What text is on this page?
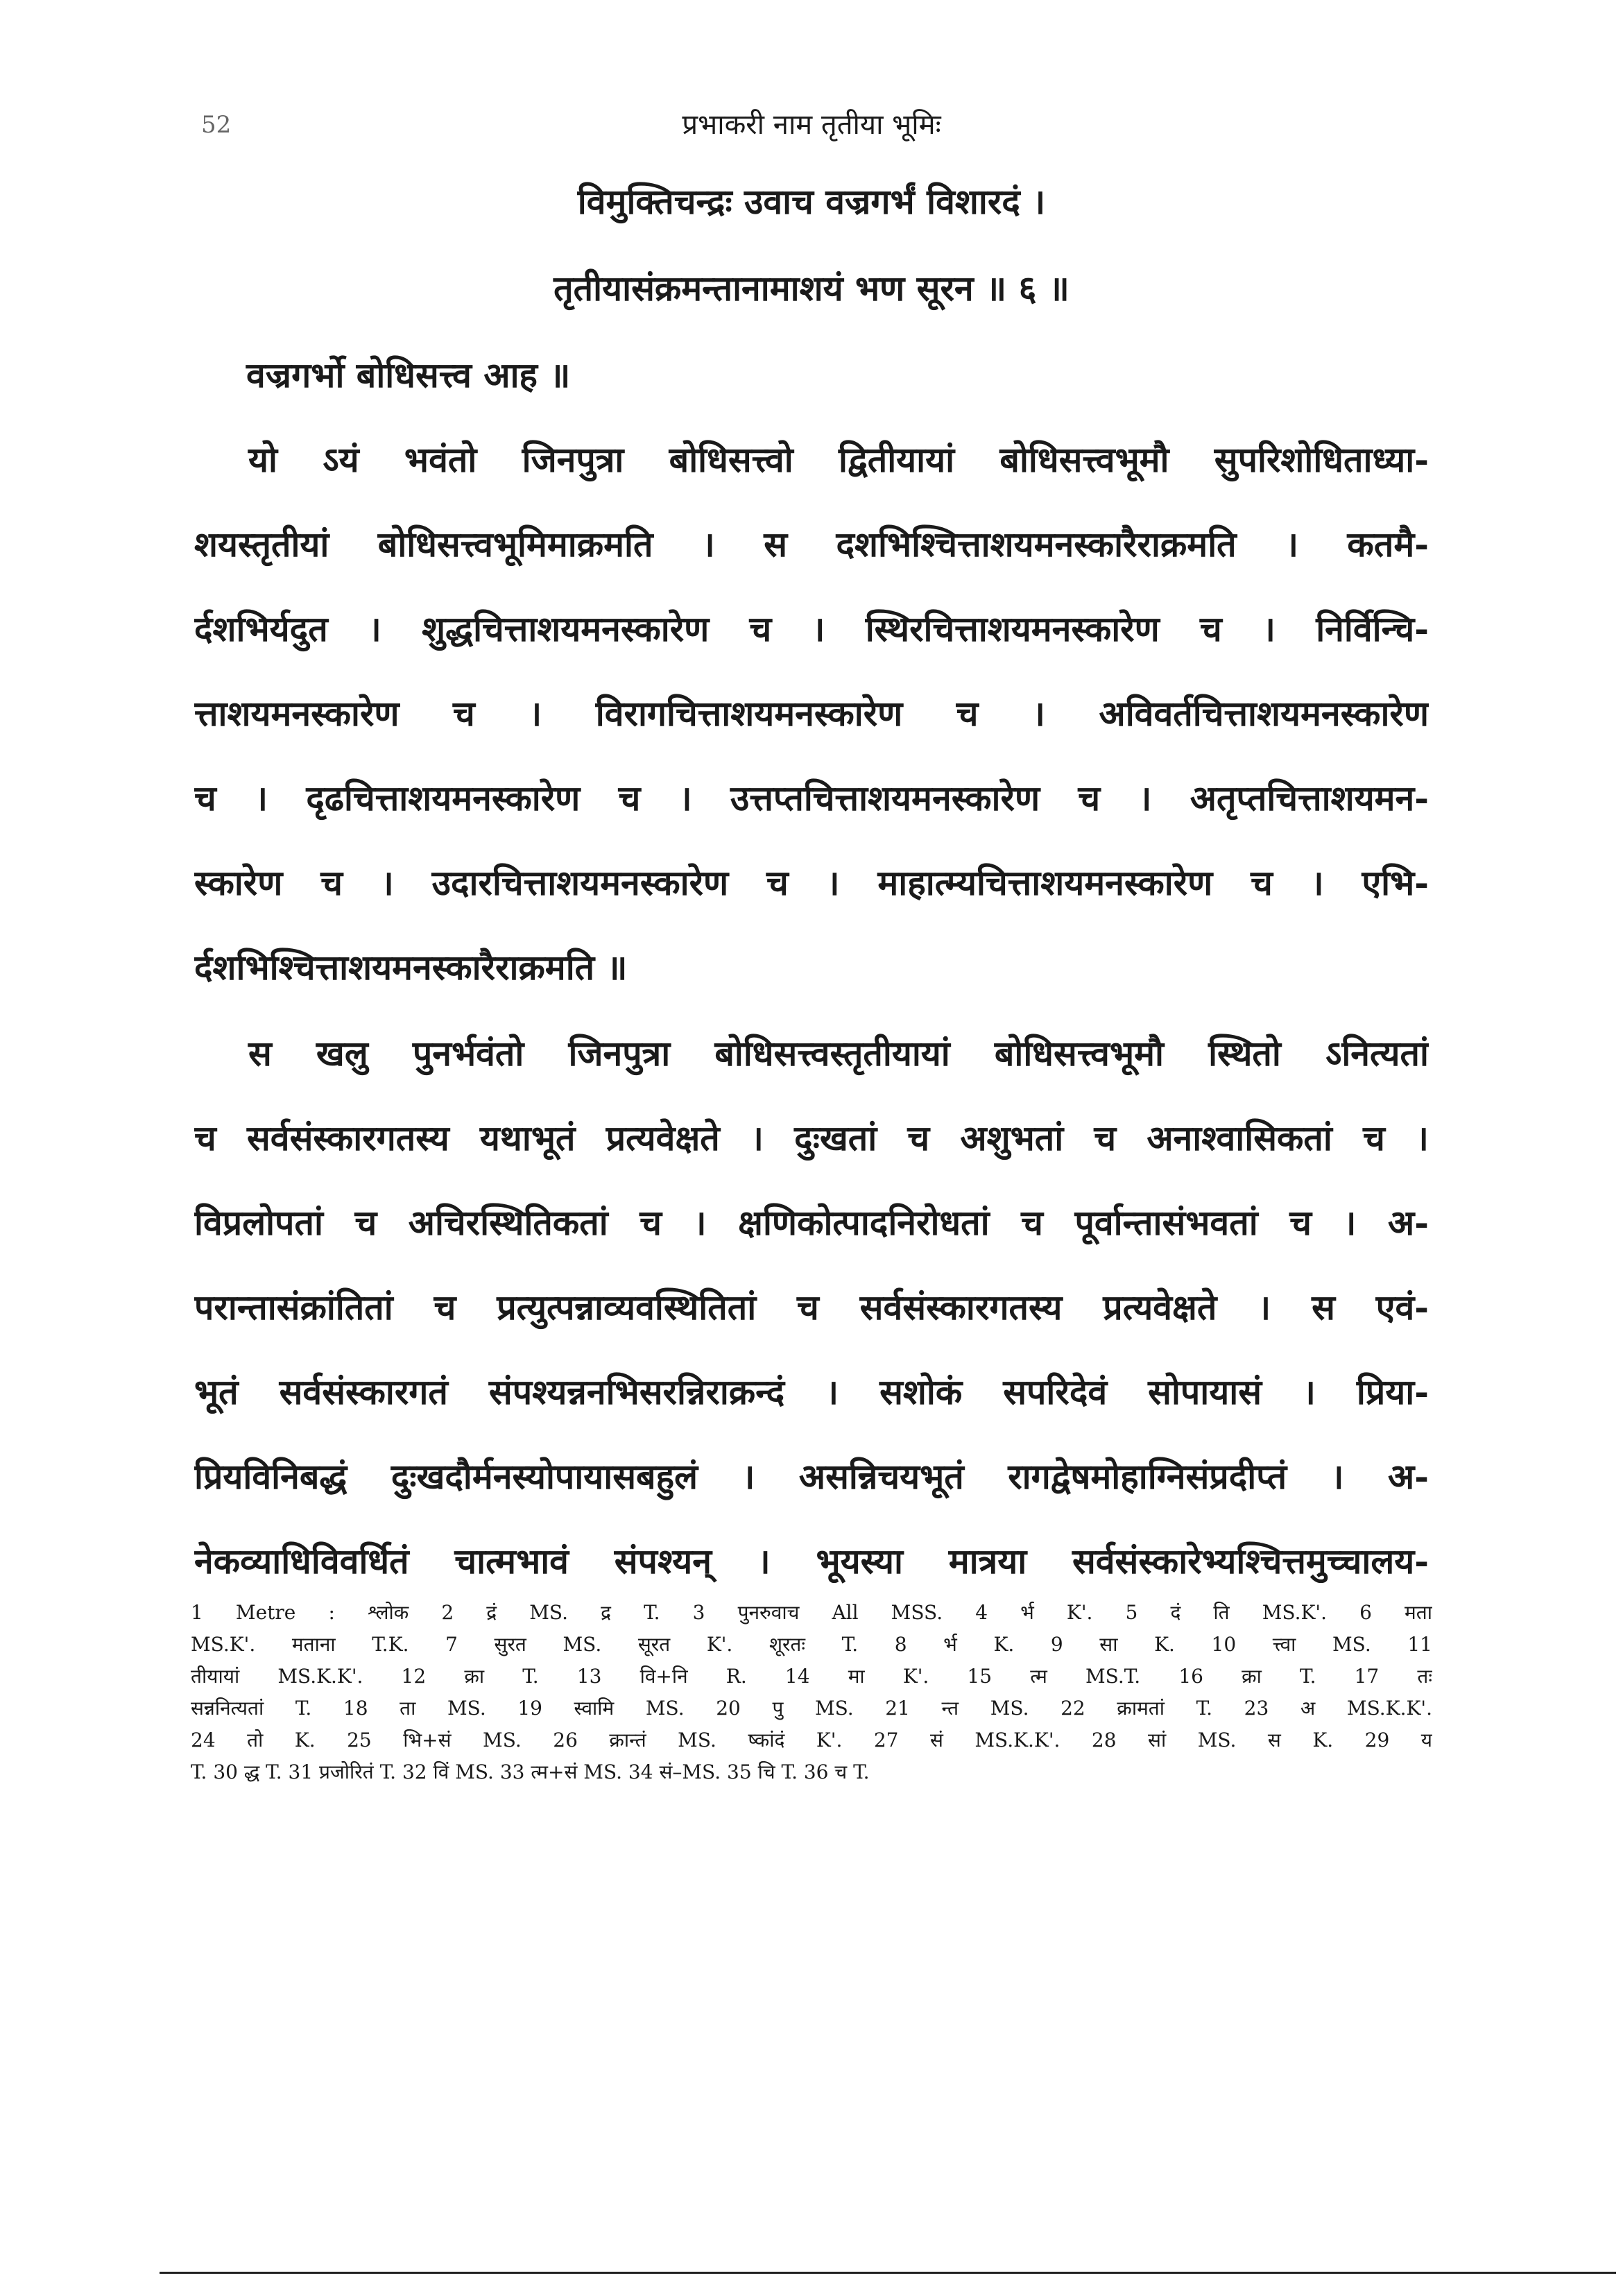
52	प्रभाकरी नाम तृतीया भूमिः
विमुक्तिचन्द्रः उवाच वज्रगर्भं विशारदं ।
तृतीयासंक्रमन्तानामाशयं भण सूरन ॥ ६ ॥
वज्रगर्भो बोधिसत्त्व आह ॥
यो ऽयं भवंतो जिनपुत्रा बोधिसत्त्वो द्वितीयायां बोधिसत्त्वभूमौ सुपरिशोधिताध्या-
शयस्तृतीयां बोधिसत्त्वभूमिमाक्रमति । स दशभिश्चित्ताशयमनस्कारैराक्रमति । कतमै-
र्दशभिर्यदुत । शुद्धचित्ताशयमनस्कारेण च । स्थिरचित्ताशयमनस्कारेण च । निर्विन्चि-
त्ताशयमनस्कारेण च । विरागचित्ताशयमनस्कारेण च । अविवर्तचित्ताशयमनस्कारेण
च । दृढचित्ताशयमनस्कारेण च । उत्तप्तचित्ताशयमनस्कारेण च । अतृप्तचित्ताशयमन-
स्कारेण च । उदारचित्ताशयमनस्कारेण च । माहात्म्यचित्ताशयमनस्कारेण च । एभि-
र्दशभिश्चित्ताशयमनस्कारैराक्रमति ॥
स खलु पुनर्भवंतो जिनपुत्रा बोधिसत्त्वस्तृतीयायां बोधिसत्त्वभूमौ स्थितो ऽनित्यतां
च सर्वसंस्कारगतस्य यथाभूतं प्रत्यवेक्षते । दुःखतां च अशुभतां च अनाश्वासिकतां च ।
विप्रलोपतां च अचिरस्थितिकतां च । क्षणिकोत्पादनिरोधतां च पूर्वान्तासंभवतां च । अ-
परान्तासंक्रांतितां च प्रत्युत्पन्नाव्यवस्थितितां च सर्वसंस्कारगतस्य प्रत्यवेक्षते । स एवं-
भूतं सर्वसंस्कारगतं संपश्यन्ननभिसरन्निराक्रन्दं । सशोकं सपरिदेवं सोपायासं । प्रिया-
प्रियविनिबद्धं दुःखदौर्मनस्योपायासबहुलं । असन्निचयभूतं रागद्वेषमोहाग्निसंप्रदीप्तं । अ-
नेकव्याधिविवर्धितं चात्मभावं संपश्यन् । भूयस्या मात्रया सर्वसंस्कारेभ्यश्चित्तमुच्चालय-
1 Metre : श्लोक 2 द्रं MS. द्र T. 3 पुनरुवाच All MSS. 4 र्भ K'. 5 दं ति MS.K'. 6 मता
MS.K'. मताना T.K. 7 सुरत MS. सूरत K'. शूरतः T. 8 र्भ K. 9 सा K. 10 त्त्वा MS. 11
तीयायां MS.K.K'. 12 क्रा T. 13 वि+नि R. 14 मा K'. 15 त्म MS.T. 16 क्रा T. 17 तः
सन्ननित्यतां T. 18 ता MS. 19 स्वामि MS. 20 पु MS. 21 न्त MS. 22 क्रामतां T. 23 अ MS.K.K'.
24 तो K. 25 भि+सं MS. 26 क्रान्तं MS. ष्कांदं K'. 27 सं MS.K.K'. 28 सां MS. स K. 29 य
T. 30 द्ध T. 31 प्रजोरितं T. 32 विं MS. 33 त्म+सं MS. 34 सं–MS. 35 चि T. 36 च T.
